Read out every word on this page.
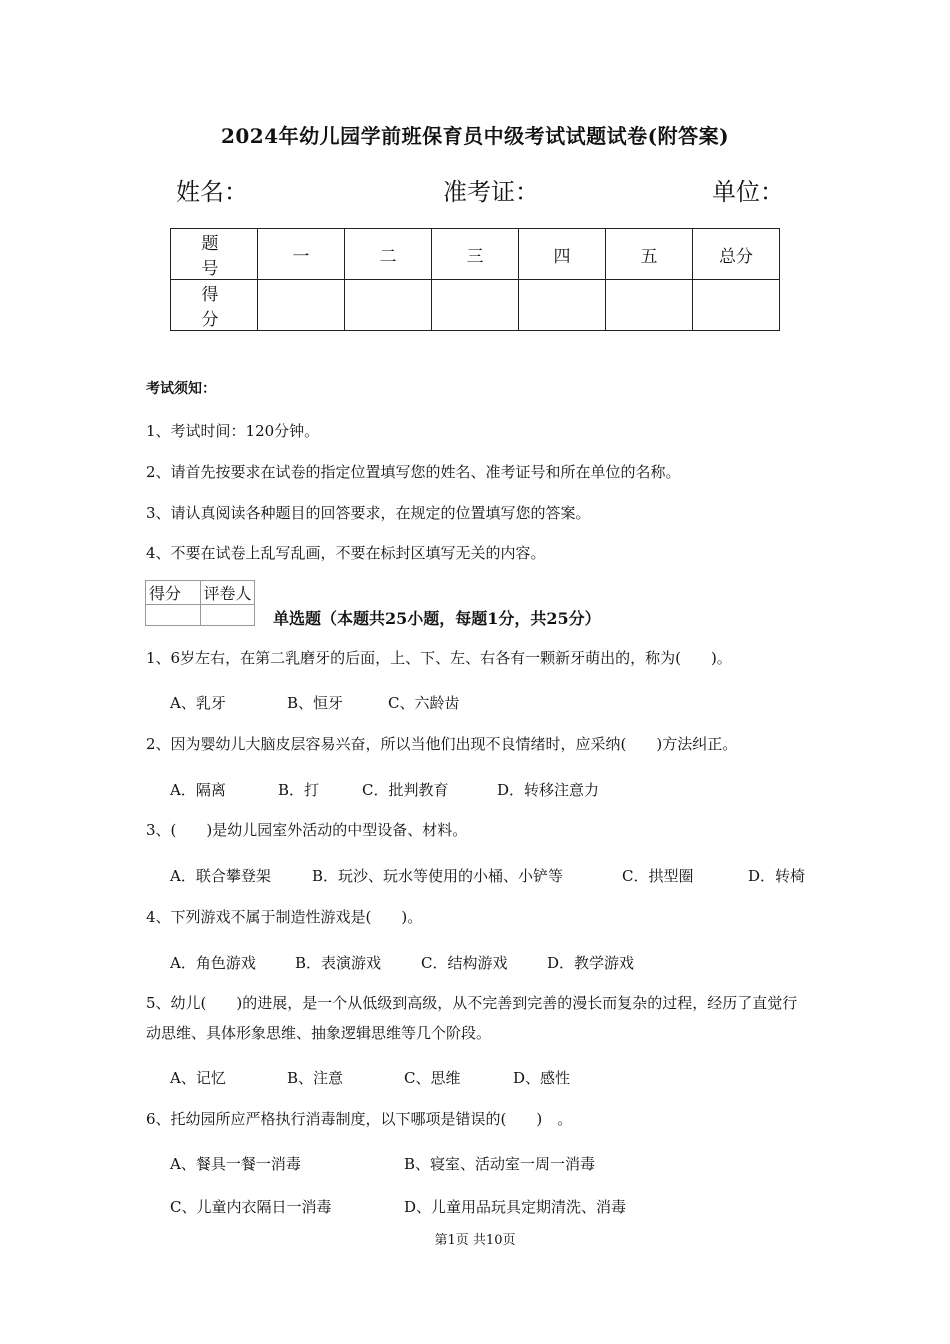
2024年幼儿园学前班保育员中级考试试题试卷(附答案)
姓名：	准考证：	单位：
题　号	一	二	三	四	五	总分
得　分						
考试须知：
1、考试时间：120分钟。
2、请首先按要求在试卷的指定位置填写您的姓名、准考证号和所在单位的名称。
3、请认真阅读各种题目的回答要求，在规定的位置填写您的答案。
4、不要在试卷上乱写乱画，不要在标封区填写无关的内容。
得分	评卷人

单选题（本题共25小题，每题1分，共25分）
1、6岁左右，在第二乳磨牙的后面，上、下、左、右各有一颗新牙萌出的，称为(　　)。
A、乳牙	B、恒牙	C、六龄齿
2、因为婴幼儿大脑皮层容易兴奋，所以当他们出现不良情绪时，应采纳(　　)方法纠正。
A．隔离	B．打	C．批判教育	D．转移注意力
3、(　　)是幼儿园室外活动的中型设备、材料。
A．联合攀登架	B．玩沙、玩水等使用的小桶、小铲等	C．拱型圈	D．转椅
4、下列游戏不属于制造性游戏是(　　)。
A．角色游戏	B．表演游戏	C．结构游戏	D．教学游戏
5、幼儿(　　)的进展，是一个从低级到高级，从不完善到完善的漫长而复杂的过程，经历了直觉行动思维、具体形象思维、抽象逻辑思维等几个阶段。
A、记忆	B、注意	C、思维	D、感性
6、托幼园所应严格执行消毒制度，以下哪项是错误的(　　)　。
A、餐具一餐一消毒	B、寝室、活动室一周一消毒
C、儿童内衣隔日一消毒	D、儿童用品玩具定期清洗、消毒
第1页 共10页
